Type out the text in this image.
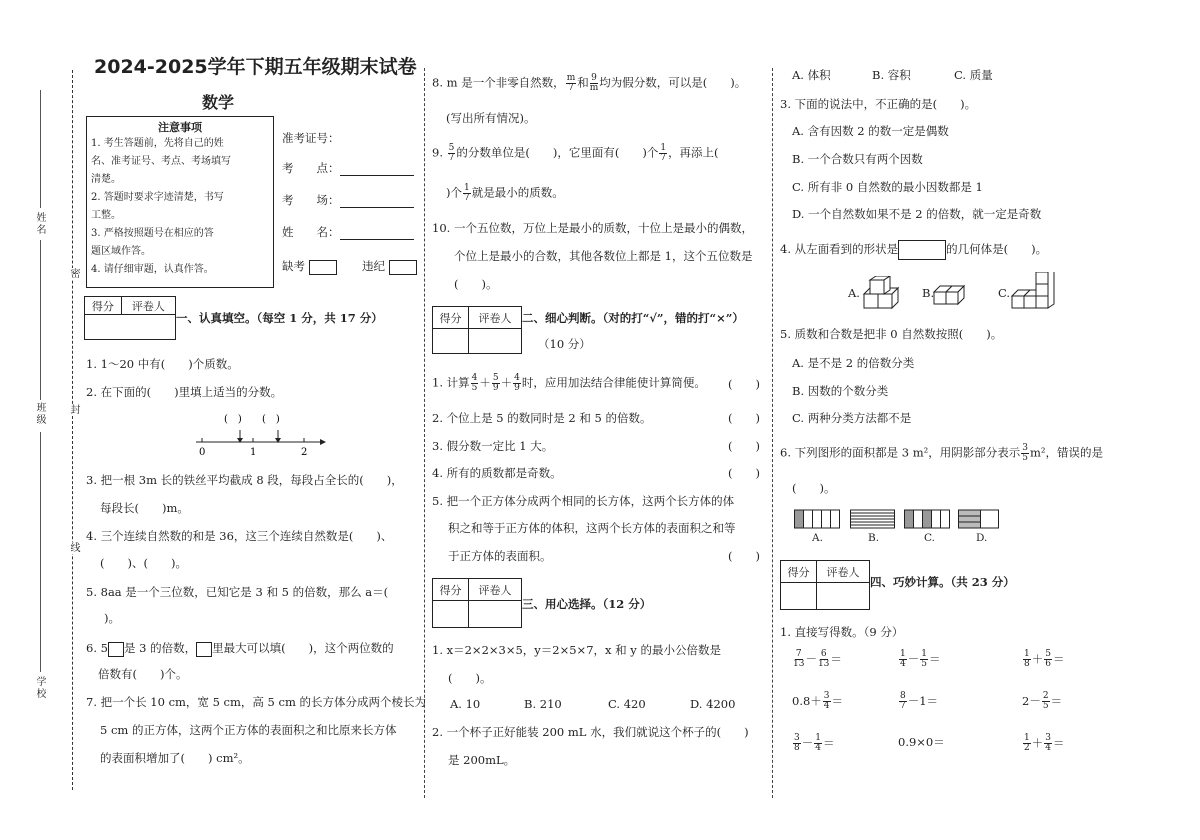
姓名
班级
学校
密
封
线
2024-2025学年下期五年级期末试卷
数学
注意事项
1. 考生答题前，先将自己的姓
名、准考证号、考点、考场填写
清楚。
2. 答题时要求字迹清楚，书写
工整。
3. 严格按照题号在相应的答
题区域作答。
4. 请仔细审题，认真作答。
准考证号：
考　　点：
考　　场：
姓　　名：
缺考	违纪
得分	评卷人

一、认真填空。（每空 1 分，共 17 分）
1. 1～20 中有(　　)个质数。
2. 在下面的(　　)里填上适当的分数。
(　) (　)
0	1	2
3. 把一根 3m 长的铁丝平均截成 8 段，每段占全长的(　　)，
每段长(　　)m。
4. 三个连续自然数的和是 36，这三个连续自然数是(　　)、
(　　)、(　　)。
5. 8aa 是一个三位数，已知它是 3 和 5 的倍数，那么 a＝(
)。
6. 5 是 3 的倍数， 里最大可以填(　　)，这个两位数的
倍数有(　　)个。
7. 把一个长 10 cm，宽 5 cm，高 5 cm 的长方体分成两个棱长为
5 cm 的正方体，这两个正方体的表面积之和比原来长方体
的表面积增加了(　　) cm²。
8. m 是一个非零自然数， $\frac{m}{7}$ 和 $\frac{9}{m}$ 均为假分数，可以是(　　)。
(写出所有情况)。
9. $\frac{5}{7}$ 的分数单位是(　　)，它里面有(　　)个 $\frac{1}{7}$ ，再添上(
)个 $\frac{1}{7}$ 就是最小的质数。
10. 一个五位数，万位上是最小的质数，十位上是最小的偶数，
个位上是最小的合数，其他各数位上都是 1，这个五位数是
(　　)。
得分	评卷人
	二、细心判断。（对的打“√”，错的打“×”）
（10 分）
1. 计算 $\frac{4}{5} + \frac{5}{9} + \frac{4}{9}$ 时，应用加法结合律能使计算简便。 (　　)
2. 个位上是 5 的数同时是 2 和 5 的倍数。	(　　)
3. 假分数一定比 1 大。	(　　)
4. 所有的质数都是奇数。	(　　)
5. 把一个正方体分成两个相同的长方体，这两个长方体的体
积之和等于正方体的体积，这两个长方体的表面积之和等
于正方体的表面积。	(　　)
得分	评卷人

三、用心选择。（12 分）
1. x＝2×2×3×5，y＝2×5×7，x 和 y 的最小公倍数是
(　　)。
A. 10	B. 210	C. 420	D. 4200
2. 一个杯子正好能装 200 mL 水，我们就说这个杯子的(　　)
是 200mL。
A. 体积	B. 容积	C. 质量
3. 下面的说法中，不正确的是(　　)。
A. 含有因数 2 的数一定是偶数
B. 一个合数只有两个因数
C. 所有非 0 自然数的最小因数都是 1
D. 一个自然数如果不是 2 的倍数，就一定是奇数
4. 从左面看到的形状是	的几何体是(　　)。
A.	B.	C.
5. 质数和合数是把非 0 自然数按照(　　)。
A. 是不是 2 的倍数分类
B. 因数的个数分类
C. 两种分类方法都不是
6. 下列图形的面积都是 3 m²，用阴影部分表示 $\frac{3}{5} m^2$，错误的是
(　　)。
A.	B.	C.	D.
得分	评卷人

四、巧妙计算。（共 23 分）
1. 直接写得数。（9 分）
$\frac{7}{13} - \frac{6}{13}$ ＝	$\frac{1}{4} - \frac{1}{5}$ ＝	$\frac{1}{8} + \frac{5}{6}$ ＝
$0.8+ \frac{3}{4}$ ＝	$\frac{8}{7} -1=$	$2- \frac{2}{5}$ ＝
$\frac{3}{8} - \frac{1}{4}$ ＝	0.9×0＝	$\frac{1}{2} + \frac{3}{4}$ ＝
